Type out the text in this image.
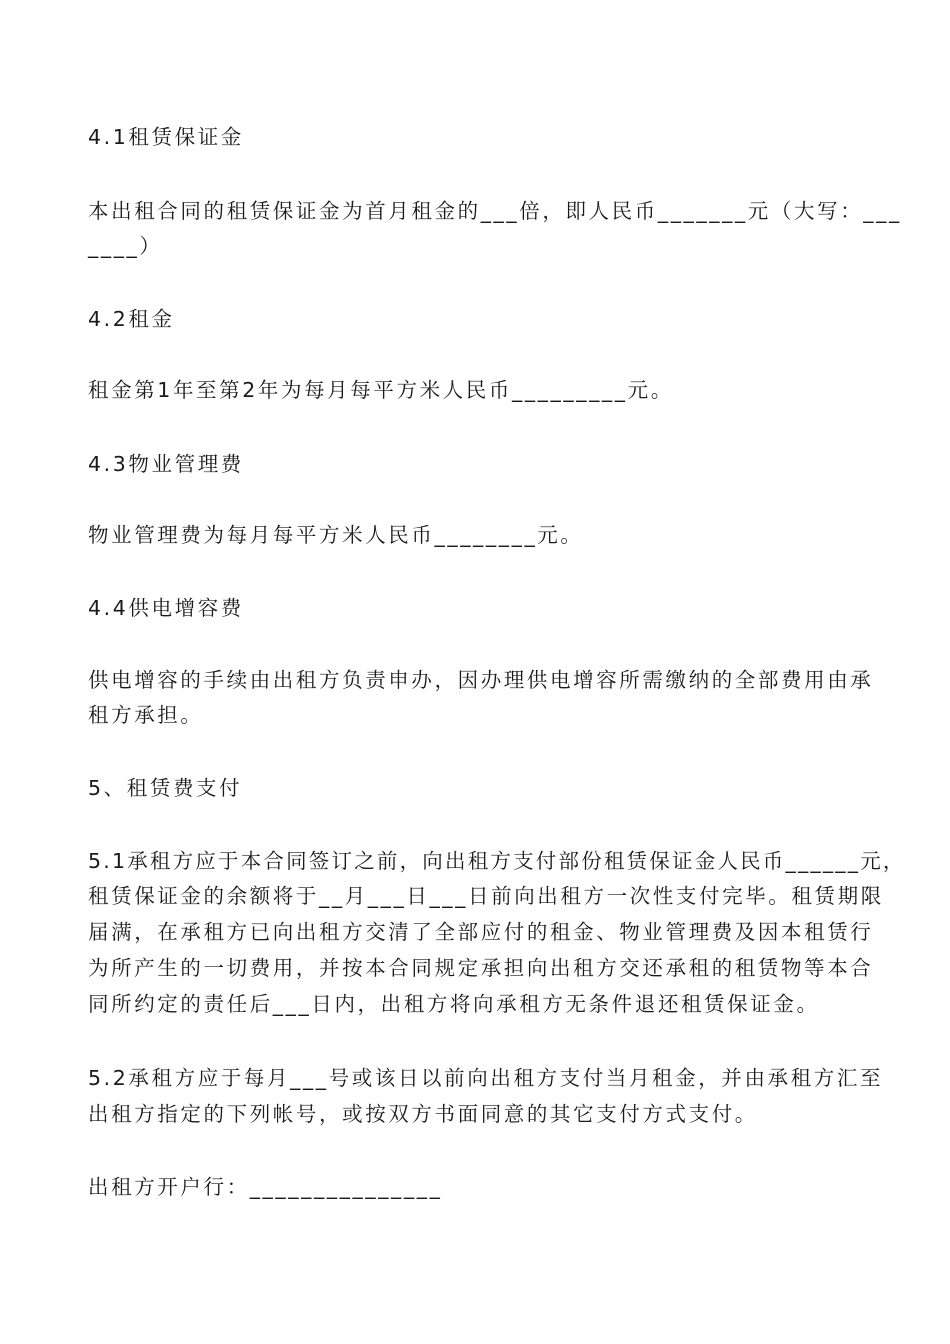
4.1租赁保证金
本出租合同的租赁保证金为首月租金的___倍，即人民币_______元（大写：___
____）
4.2租金
租金第1年至第2年为每月每平方米人民币_________元。
4.3物业管理费
物业管理费为每月每平方米人民币________元。
4.4供电增容费
供电增容的手续由出租方负责申办，因办理供电增容所需缴纳的全部费用由承
租方承担。
5、租赁费支付
5.1承租方应于本合同签订之前，向出租方支付部份租赁保证金人民币______元，
租赁保证金的余额将于__月___日___日前向出租方一次性支付完毕。租赁期限
届满，在承租方已向出租方交清了全部应付的租金、物业管理费及因本租赁行
为所产生的一切费用，并按本合同规定承担向出租方交还承租的租赁物等本合
同所约定的责任后___日内，出租方将向承租方无条件退还租赁保证金。
5.2承租方应于每月___号或该日以前向出租方支付当月租金，并由承租方汇至
出租方指定的下列帐号，或按双方书面同意的其它支付方式支付。
出租方开户行：_______________
